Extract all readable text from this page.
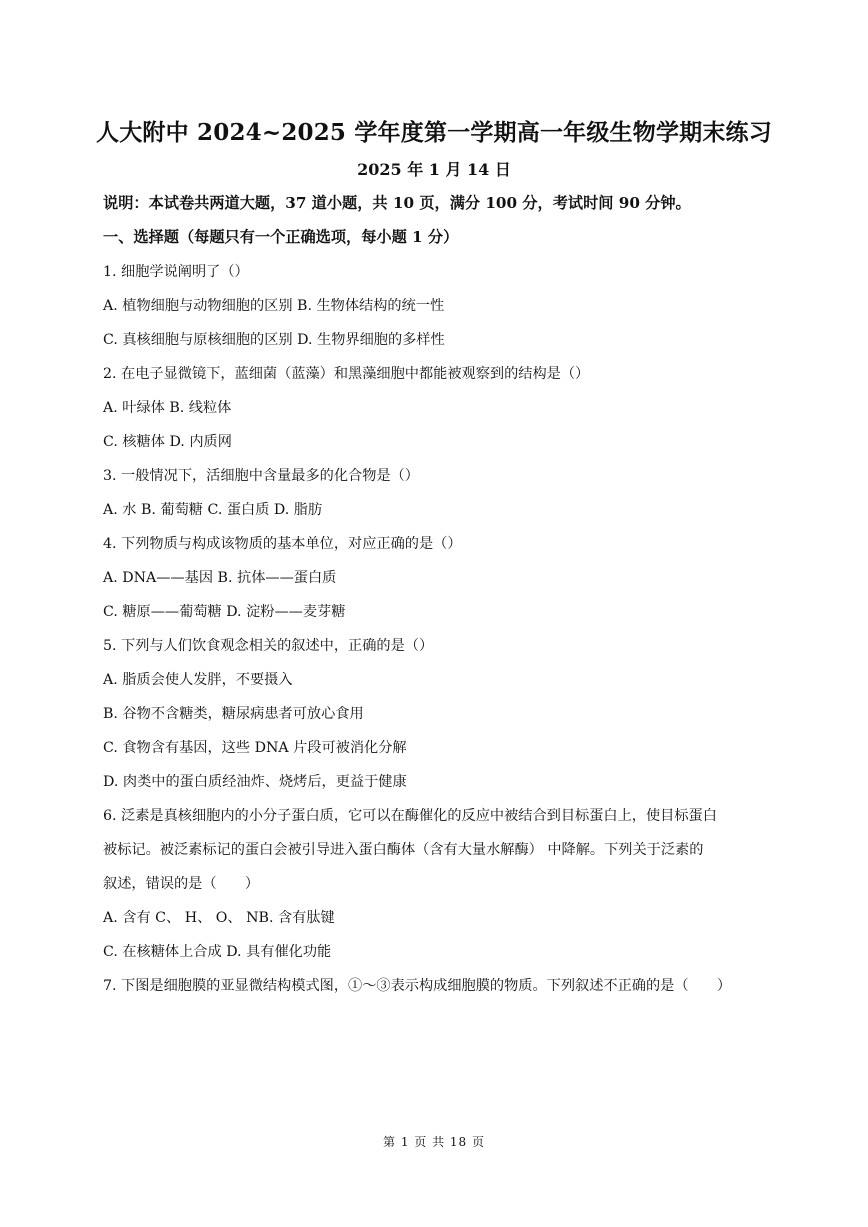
人大附中 2024~2025 学年度第一学期高一年级生物学期末练习
2025 年 1 月 14 日
说明：本试卷共两道大题，37 道小题，共 10 页，满分 100 分，考试时间 90 分钟。
一、选择题（每题只有一个正确选项，每小题 1 分）
1. 细胞学说阐明了（）
A. 植物细胞与动物细胞的区别 B. 生物体结构的统一性
C. 真核细胞与原核细胞的区别 D. 生物界细胞的多样性
2. 在电子显微镜下，蓝细菌（蓝藻）和黑藻细胞中都能被观察到的结构是（）
A. 叶绿体 B. 线粒体
C. 核糖体 D. 内质网
3. 一般情况下，活细胞中含量最多的化合物是（）
A. 水 B. 葡萄糖 C. 蛋白质 D. 脂肪
4. 下列物质与构成该物质的基本单位，对应正确的是（）
A. DNA——基因 B. 抗体——蛋白质
C. 糖原——葡萄糖 D. 淀粉——麦芽糖
5. 下列与人们饮食观念相关的叙述中，正确的是（）
A. 脂质会使人发胖，不要摄入
B. 谷物不含糖类，糖尿病患者可放心食用
C. 食物含有基因，这些 DNA 片段可被消化分解
D. 肉类中的蛋白质经油炸、烧烤后，更益于健康
6. 泛素是真核细胞内的小分子蛋白质，它可以在酶催化的反应中被结合到目标蛋白上，使目标蛋白
被标记。被泛素标记的蛋白会被引导进入蛋白酶体（含有大量水解酶） 中降解。下列关于泛素的
叙述，错误的是（　　）
A. 含有 C、 H、 O、 NB. 含有肽键
C. 在核糖体上合成 D. 具有催化功能
7. 下图是细胞膜的亚显微结构模式图，①～③表示构成细胞膜的物质。下列叙述不正确的是（　　）
第 1 页 共 18 页
